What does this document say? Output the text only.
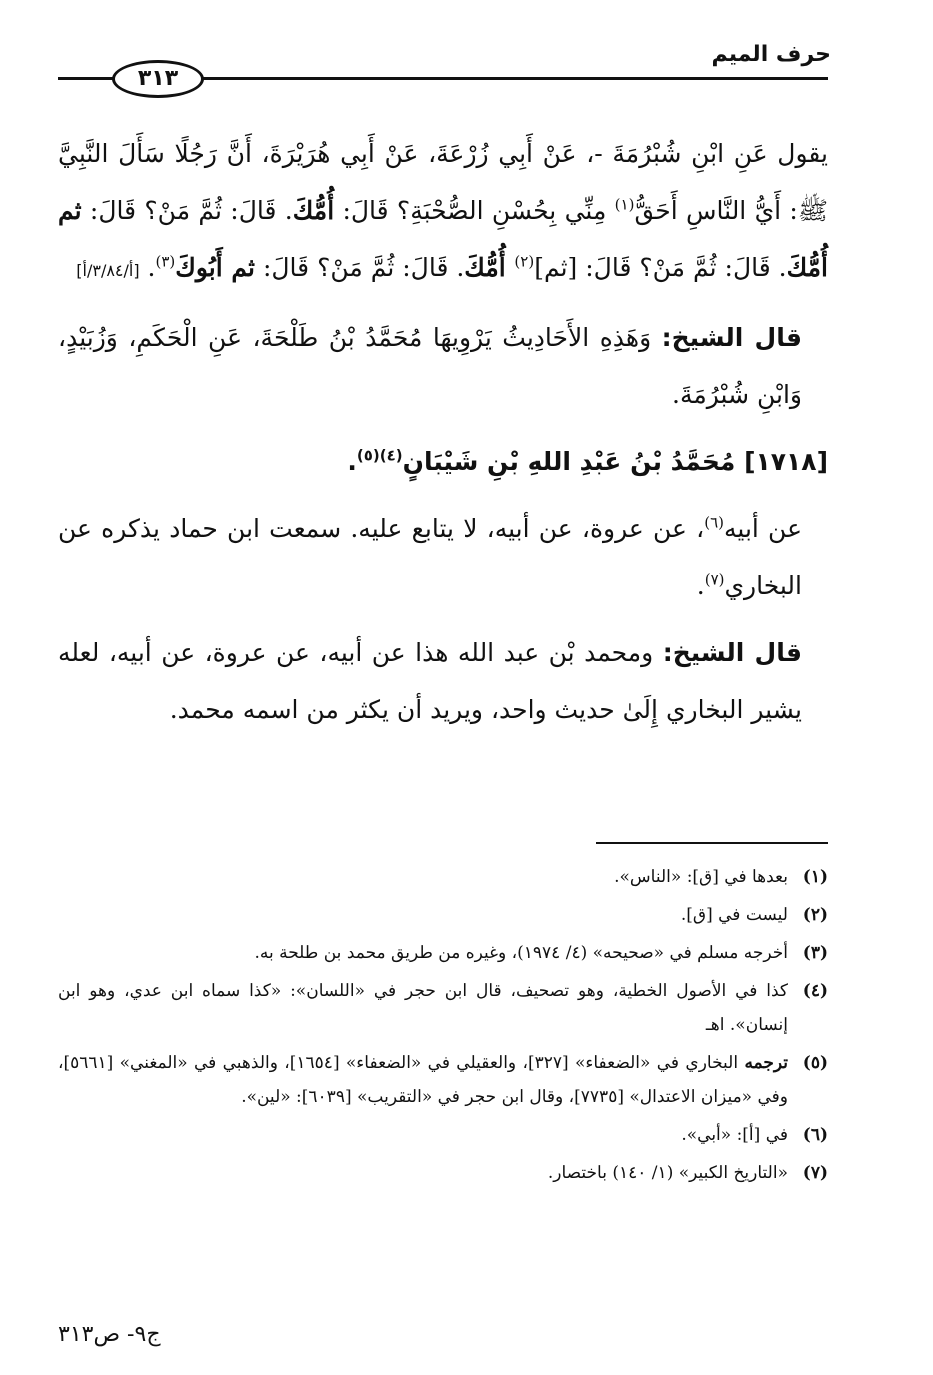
حرف الميم
٣١٣

يقول عَنِ ابْنِ شُبْرُمَةَ -، عَنْ أَبِي زُرْعَةَ، عَنْ أَبِي هُرَيْرَةَ، أَنَّ رَجُلًا سَأَلَ النَّبِيَّ ﷺ: أَيُّ النَّاسِ أَحَقُّ$^{(١)}$ مِنِّي بِحُسْنِ الصُّحْبَةِ؟ قَالَ: أُمُّكَ. قَالَ: ثُمَّ مَنْ؟ قَالَ: ثم أُمُّكَ. قَالَ: ثُمَّ مَنْ؟ قَالَ: [ثم]$^{(٢)}$ أُمُّكَ. قَالَ: ثُمَّ مَنْ؟ قَالَ: ثم أَبُوكَ$^{(٣)}$. [أ/٣/٨٤/أ]

قال الشيخ: وَهَذِهِ الأَحَادِيثُ يَرْوِيهَا مُحَمَّدُ بْنُ طَلْحَةَ، عَنِ الْحَكَمِ، وَزُبَيْدٍ، وَابْنِ شُبْرُمَةَ.

[١٧١٨] مُحَمَّدُ بْنُ عَبْدِ اللهِ بْنِ شَيْبَانٍ$^{(٤)(٥)}$.

عن أبيه$^{(٦)}$، عن عروة، عن أبيه، لا يتابع عليه. سمعت ابن حماد يذكره عن البخاري$^{(٧)}$.

قال الشيخ: ومحمد بْن عبد الله هذا عن أبيه، عن عروة، عن أبيه، لعله يشير البخاري إِلَىٰ حديث واحد، ويريد أن يكثر من اسمه محمد.

(١)
بعدها في [ق]: «الناس».
(٢)
ليست في [ق].
(٣)
أخرجه مسلم في «صحيحه» (٤/ ١٩٧٤)، وغيره من طريق محمد بن طلحة به.
(٤)
كذا في الأصول الخطية، وهو تصحيف، قال ابن حجر في «اللسان»: «كذا سماه ابن عدي، وهو ابن إنسان». اهـ
(٥)
ترجمه البخاري في «الضعفاء» [٣٢٧]، والعقيلي في «الضعفاء» [١٦٥٤]، والذهبي في «المغني» [٥٦٦١]، وفي «ميزان الاعتدال» [٧٧٣٥]، وقال ابن حجر في «التقريب» [٦٠٣٩]: «لين».
(٦)
في [أ]: «أبي».
(٧)
«التاريخ الكبير» (١/ ١٤٠) باختصار.
ج٩- ص٣١٣
